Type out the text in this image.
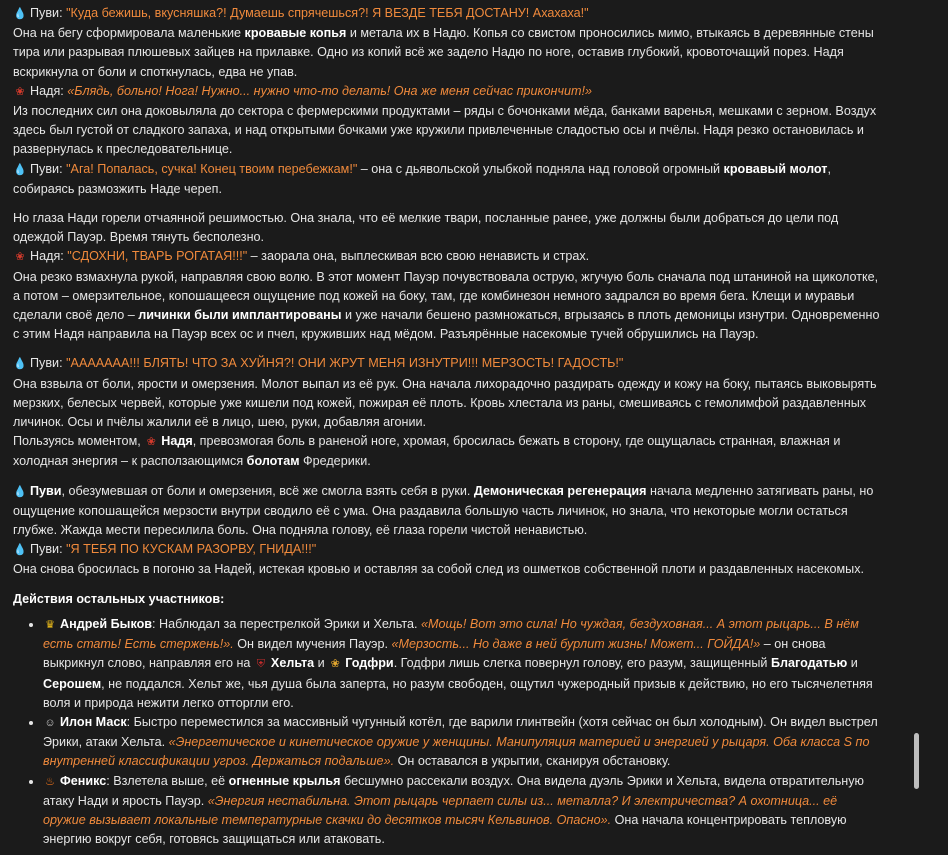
💧 Пуви: "Куда бежишь, вкусняшка?! Думаешь спрячешься?! Я ВЕЗДЕ ТЕБЯ ДОСТАНУ! Ахахаха!"

Она на бегу сформировала маленькие кровавые копья и метала их в Надю. Копья со свистом проносились мимо, втыкаясь в деревянные стены тира или разрывая плюшевых зайцев на прилавке. Одно из копий всё же задело Надю по ноге, оставив глубокий, кровоточащий порез. Надя вскрикнула от боли и споткнулась, едва не упав.

❀ Надя: «Блядь, больно! Нога! Нужно... нужно что-то делать! Она же меня сейчас прикончит!»

Из последних сил она доковыляла до сектора с фермерскими продуктами – ряды с бочонками мёда, банками варенья, мешками с зерном. Воздух здесь был густой от сладкого запаха, и над открытыми бочками уже кружили привлеченные сладостью осы и пчёлы. Надя резко остановилась и развернулась к преследовательнице.

💧 Пуви: "Ага! Попалась, сучка! Конец твоим перебежкам!" – она с дьявольской улыбкой подняла над головой огромный кровавый молот, собираясь размозжить Наде череп.

Но глаза Нади горели отчаянной решимостью. Она знала, что её мелкие твари, посланные ранее, уже должны были добраться до цели под одеждой Пауэр. Время тянуть бесполезно.

❀ Надя: "СДОХНИ, ТВАРЬ РОГАТАЯ!!!" – заорала она, выплескивая всю свою ненависть и страх.

Она резко взмахнула рукой, направляя свою волю. В этот момент Пауэр почувствовала острую, жгучую боль сначала под штаниной на щиколотке, а потом – омерзительное, копошащееся ощущение под кожей на боку, там, где комбинезон немного задрался во время бега. Клещи и муравьи сделали своё дело – личинки были имплантированы и уже начали бешено размножаться, вгрызаясь в плоть демоницы изнутри. Одновременно с этим Надя направила на Пауэр всех ос и пчел, круживших над мёдом. Разъярённые насекомые тучей обрушились на Пауэр.

💧 Пуви: "ААААААА!!! БЛЯТЬ! ЧТО ЗА ХУЙНЯ?! ОНИ ЖРУТ МЕНЯ ИЗНУТРИ!!! МЕРЗОСТЬ! ГАДОСТЬ!"

Она взвыла от боли, ярости и омерзения. Молот выпал из её рук. Она начала лихорадочно раздирать одежду и кожу на боку, пытаясь выковырять мерзких, белесых червей, которые уже кишели под кожей, пожирая её плоть. Кровь хлестала из раны, смешиваясь с гемолимфой раздавленных личинок. Осы и пчёлы жалили её в лицо, шею, руки, добавляя агонии.

Пользуясь моментом, ❀ Надя, превозмогая боль в раненой ноге, хромая, бросилась бежать в сторону, где ощущалась странная, влажная и холодная энергия – к расползающимся болотам Фредерики.

💧 Пуви, обезумевшая от боли и омерзения, всё же смогла взять себя в руки. Демоническая регенерация начала медленно затягивать раны, но ощущение копошащейся мерзости внутри сводило её с ума. Она раздавила большую часть личинок, но знала, что некоторые могли остаться глубже. Жажда мести пересилила боль. Она подняла голову, её глаза горели чистой ненавистью.

💧 Пуви: "Я ТЕБЯ ПО КУСКАМ РАЗОРВУ, ГНИДА!!!"

Она снова бросилась в погоню за Надей, истекая кровью и оставляя за собой след из ошметков собственной плоти и раздавленных насекомых.

Действия остальных участников:
• ♛ Андрей Быков: Наблюдал за перестрелкой Эрики и Хельта. «Мощь! Вот это сила! Но чуждая, бездуховная... А этот рыцарь... В нём есть стать! Есть стержень!». Он видел мучения Пауэр. «Мерзость... Но даже в ней бурлит жизнь! Может... ГОЙДА!» – он снова выкрикнул слово, направляя его на ⛨ Хельта и ❀ Годфри. Годфри лишь слегка повернул голову, его разум, защищенный Благодатью и Серошем, не поддался. Хельт же, чья душа была заперта, но разум свободен, ощутил чужеродный призыв к действию, но его тысячелетняя воля и природа нежити легко отторгли его.
• ☺ Илон Маск: Быстро переместился за массивный чугунный котёл, где варили глинтвейн (хотя сейчас он был холодным). Он видел выстрел Эрики, атаки Хельта. «Энергетическое и кинетическое оружие у женщины. Манипуляция материей и энергией у рыцаря. Оба класса S по внутренней классификации угроз. Держаться подальше». Он оставался в укрытии, сканируя обстановку.
• ♨ Феникс: Взлетела выше, её огненные крылья бесшумно рассекали воздух. Она видела дуэль Эрики и Хельта, видела отвратительную атаку Нади и ярость Пауэр. «Энергия нестабильна. Этот рыцарь черпает силы из... металла? И электричества? А охотница... её оружие вызывает локальные температурные скачки до десятков тысяч Кельвинов. Опасно». Она начала концентрировать тепловую энергию вокруг себя, готовясь защищаться или атаковать.
